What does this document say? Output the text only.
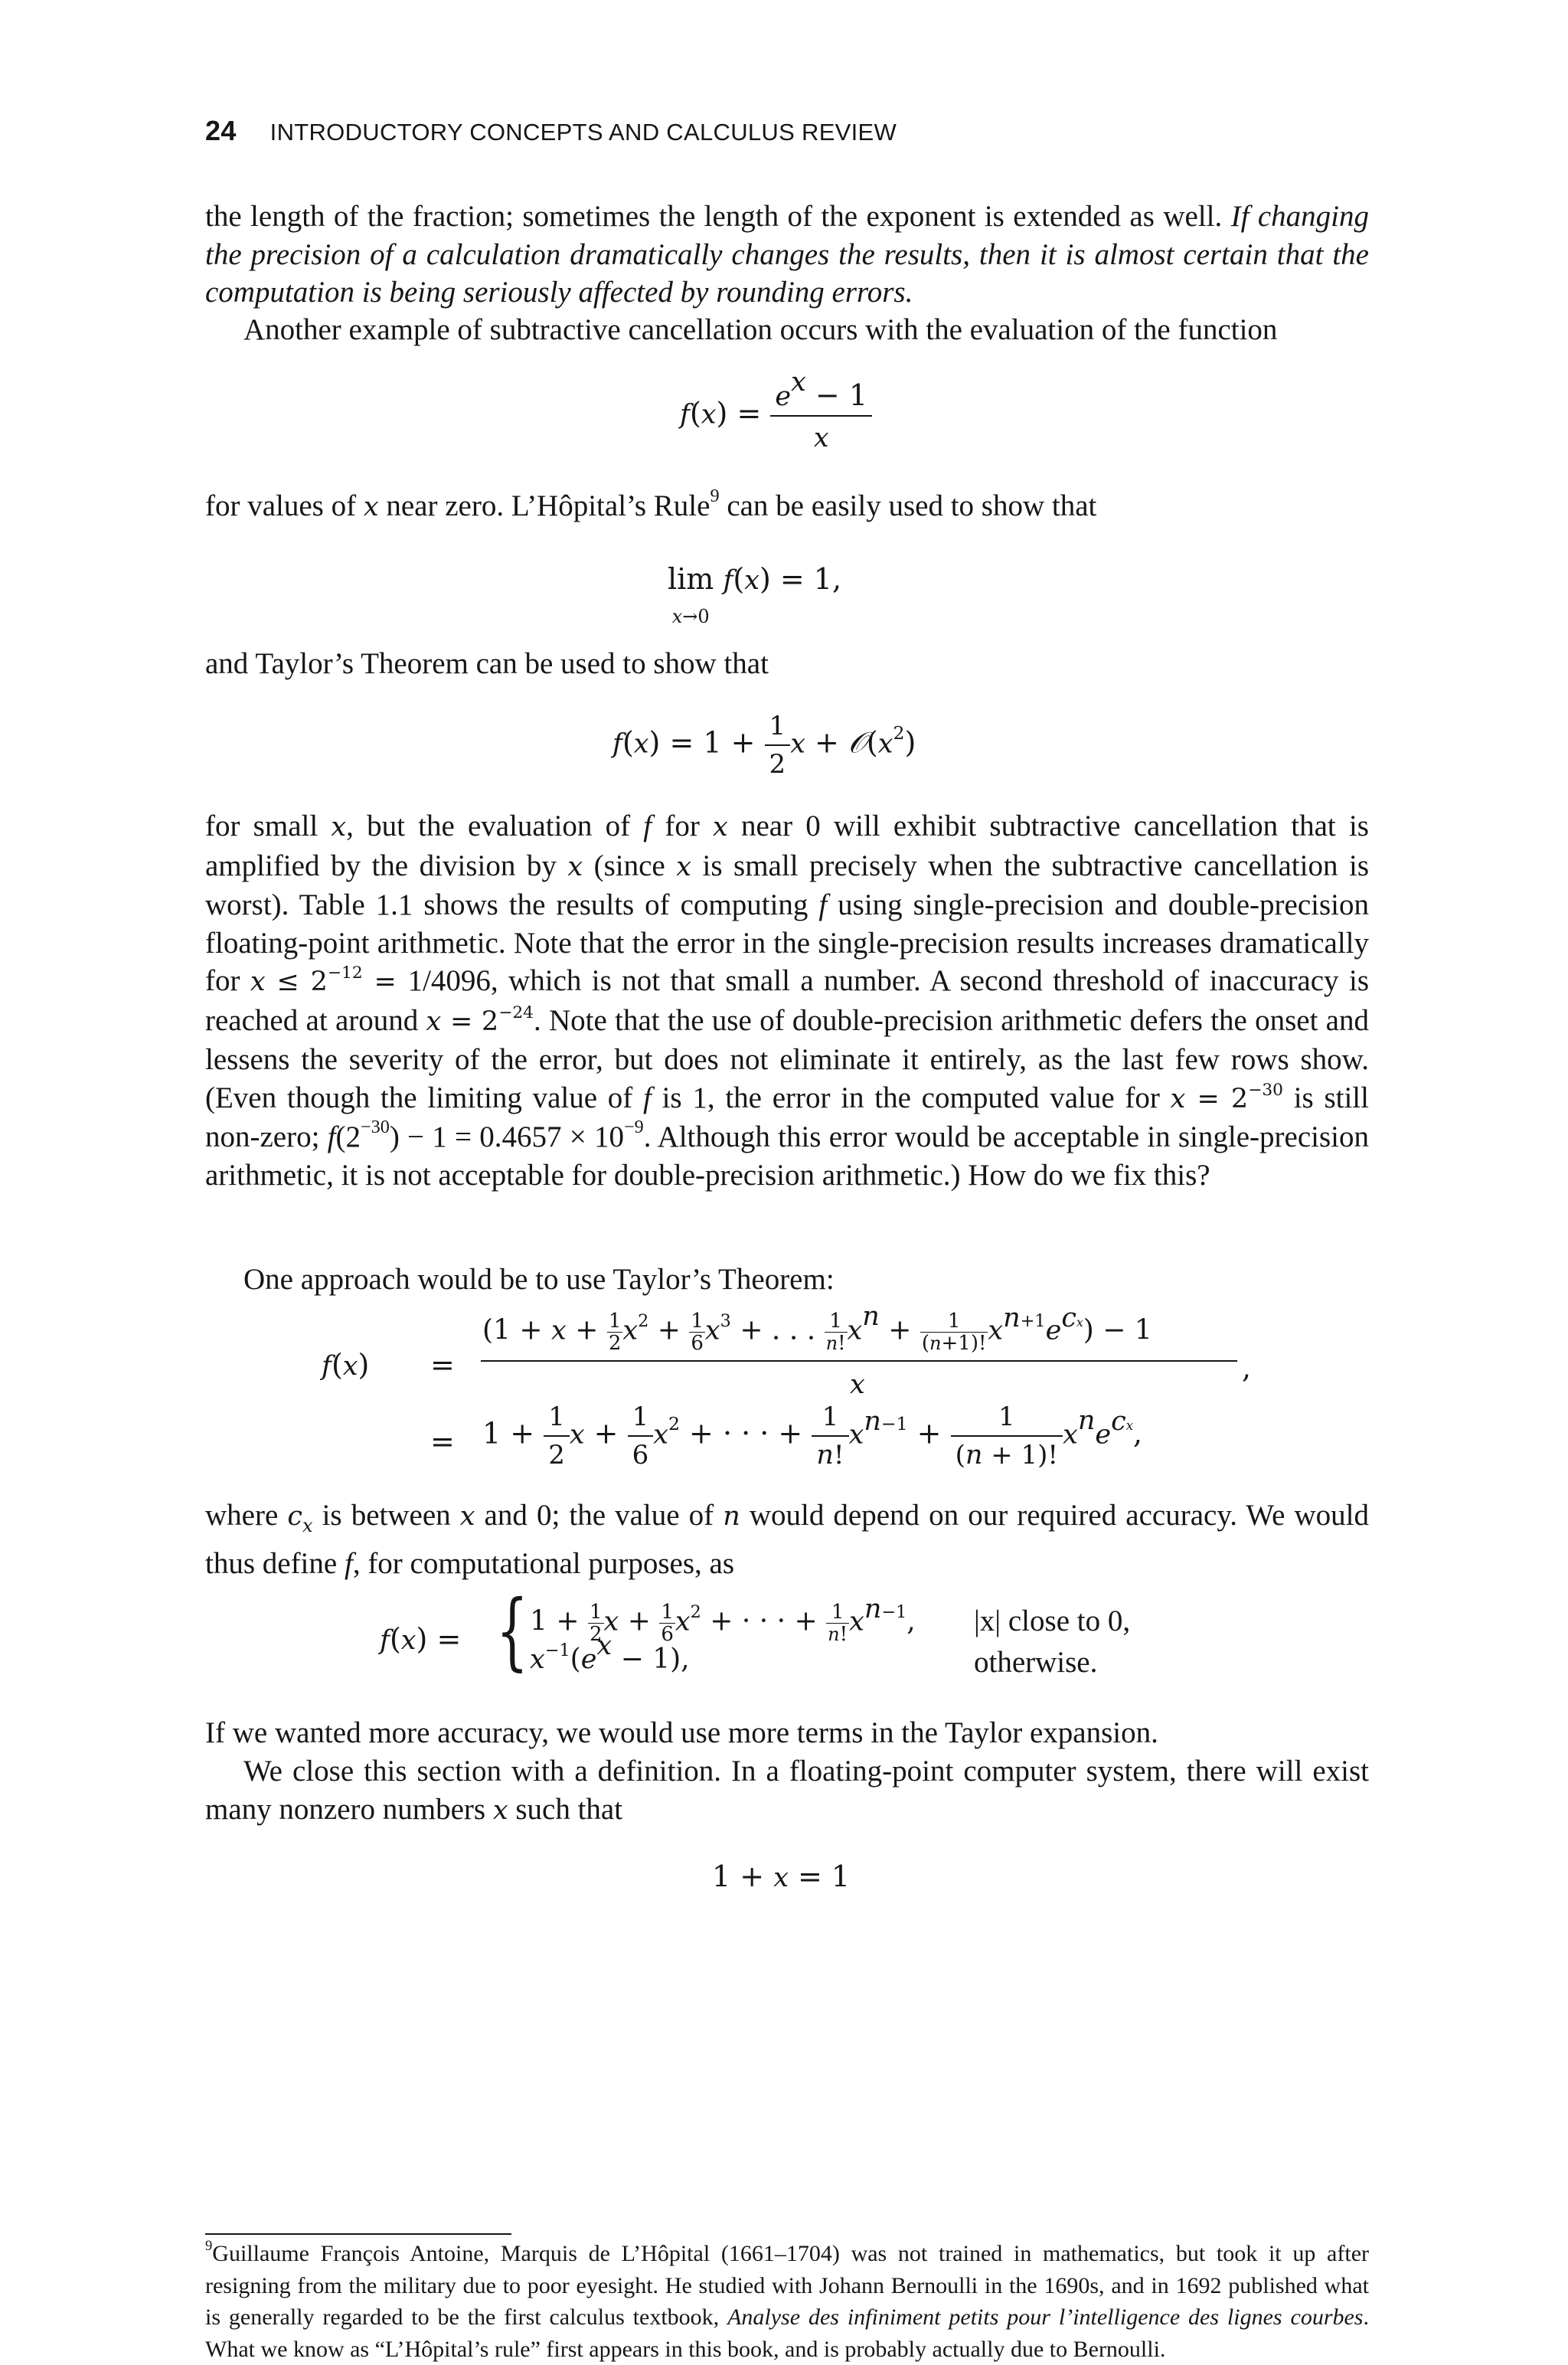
24 INTRODUCTORY CONCEPTS AND CALCULUS REVIEW

the length of the fraction; sometimes the length of the exponent is extended as well. If changing the precision of a calculation dramatically changes the results, then it is almost certain that the computation is being seriously affected by rounding errors.

Another example of subtractive cancellation occurs with the evaluation of the function

$f(x) = \frac{e^x - 1}{x}$

for values of x near zero. L’Hôpital’s Rule$^9$ can be easily used to show that

lim
x→0 f(x) = 1,

and Taylor’s Theorem can be used to show that

$f(x) = 1 + \frac{1}{2}$ $x + 𝒪(x^2)$

for small x, but the evaluation of f for x near 0 will exhibit subtractive cancellation that is amplified by the division by x (since x is small precisely when the subtractive cancellation is worst). Table 1.1 shows the results of computing f using single-precision and double-precision floating-point arithmetic. Note that the error in the single-precision results increases dramatically for $x \le 2^{-12} = 1/4096$, which is not that small a number. A second threshold of inaccuracy is reached at around $x = 2^{-24}$. Note that the use of double-precision arithmetic defers the onset and lessens the severity of the error, but does not eliminate it entirely, as the last few rows show. (Even though the limiting value of f is 1, the error in the computed value for $x = 2^{-30}$ is still non-zero; $f(2^{-30}) - 1 = 0.4657 \times 10^{-9}$. Although this error would be acceptable in single-precision arithmetic, it is not acceptable for double-precision arithmetic.) How do we fix this?

One approach would be to use Taylor’s Theorem:

f(x) =
($1 + x + \frac{1}{2} x^2 + \frac{1}{6} x^3$ + . . . $\frac{1}{n!} x^n + \frac{1}{(n+1)!} x^{n+1}e^{cx}) - 1$
x	,
= $1 + \frac{1}{2}$ $x + \frac{1}{6} x^2$ + · · · + $\frac{1}{n!} x^{n-1} + \frac{1}{(n + 1)!} x^ne^{cx}$,

where $c_x$ is between x and 0; the value of n would depend on our required accuracy. We would thus define f, for computational purposes, as

f(x) = { $1 + \frac{1}{2}$ $x + \frac{1}{6} x^2$ + · · · + $\frac{1}{n!} x^{n-1}$,
$x^{-1}(e^x - 1)$,
|x| close to 0,
otherwise.

If we wanted more accuracy, we would use more terms in the Taylor expansion.

We close this section with a definition. In a floating-point computer system, there will exist many nonzero numbers x such that

1 + x = 1

$^9$Guillaume François Antoine, Marquis de L’Hôpital (1661–1704) was not trained in mathematics, but took it up after resigning from the military due to poor eyesight. He studied with Johann Bernoulli in the 1690s, and in 1692 published what is generally regarded to be the first calculus textbook, Analyse des infiniment petits pour l’intelligence des lignes courbes. What we know as “L’Hôpital’s rule” first appears in this book, and is probably actually due to Bernoulli.
